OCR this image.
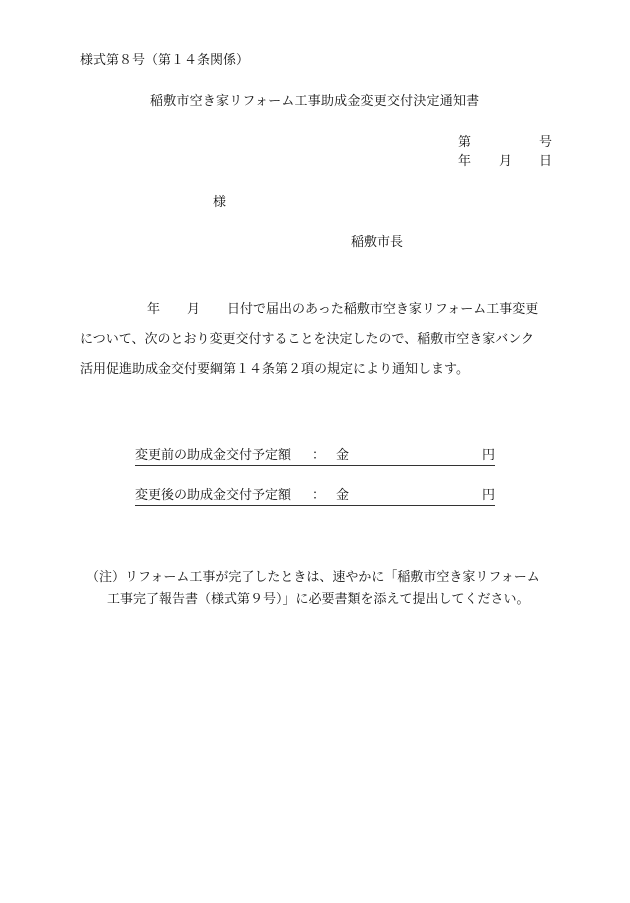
様式第８号（第１４条関係）
稲敷市空き家リフォーム工事助成金変更交付決定通知書
第	号
年 月 日
様
稲敷市長
年 月 日付で届出のあった稲敷市空き家リフォーム工事変更
について、次のとおり変更交付することを決定したので、稲敷市空き家バンク
活用促進助成金交付要綱第１４条第２項の規定により通知します。
変更前の助成金交付予定額 ： 金	円
変更後の助成金交付予定額 ： 金	円
（注）リフォーム工事が完了したときは、速やかに「稲敷市空き家リフォーム
工事完了報告書（様式第９号）」に必要書類を添えて提出してください。
